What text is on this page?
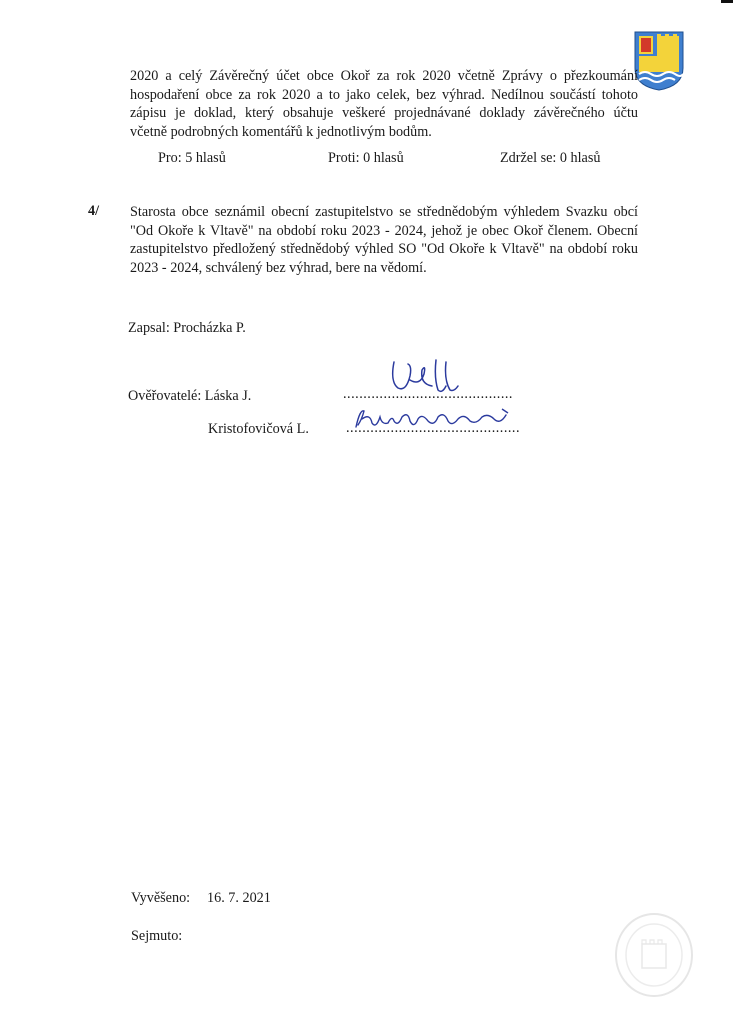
2020 a celý Závěrečný účet obce Okoř za rok 2020 včetně Zprávy o přezkoumání
hospodaření obce za rok 2020 a to jako celek, bez výhrad. Nedílnou součástí tohoto
zápisu je doklad, který obsahuje veškeré projednávané doklady závěrečného účtu
včetně podrobných komentářů k jednotlivým bodům.
Pro: 5 hlasů	Proti: 0 hlasů	Zdržel se: 0 hlasů
4/ Starosta obce seznámil obecní zastupitelstvo se střednědobým výhledem Svazku obcí
"Od Okoře k Vltavě" na období roku 2023 - 2024, jehož je obec Okoř členem. Obecní
zastupitelstvo předložený střednědobý výhled SO "Od Okoře k Vltavě" na období roku
2023 - 2024, schválený bez výhrad, bere na vědomí.
Zapsal: Procházka P.
Ověřovatelé: Láska J.	..........................................
Kristofovičová L.	...........................................
Vyvěšeno: 16. 7. 2021
Sejmuto:
